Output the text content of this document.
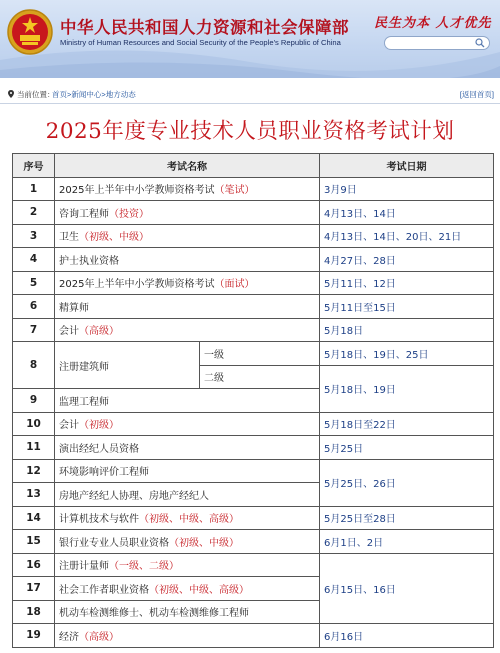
中华人民共和国人力资源和社会保障部
Ministry of Human Resources and Social Security of the People's Republic of China
民生为本 人才优先
当前位置：
首页>新闻中心>地方动态	[返回首页]
2025年度专业技术人员职业资格考试计划
序号	考试名称		考试日期
1	2025年上半年中小学教师资格考试（笔试）		3月9日
2	咨询工程师（投资）		4月13日、14日
3	卫生（初级、中级）		4月13日、14日、20日、21日
4	护士执业资格		4月27日、28日
5	2025年上半年中小学教师资格考试（面试）		5月11日、12日
6	精算师		5月11日至15日
7	会计（高级）		5月18日
8	注册建筑师	一级	5月18日、19日、25日
		二级	5月18日、19日
9	监理工程师		
10	会计（初级）		5月18日至22日
11	演出经纪人员资格		5月25日
12	环境影响评价工程师		5月25日、26日
13	房地产经纪人协理、房地产经纪人		
14	计算机技术与软件（初级、中级、高级）		5月25日至28日
15	银行业专业人员职业资格（初级、中级）		6月1日、2日
16	注册计量师（一级、二级）		6月15日、16日
17	社会工作者职业资格（初级、中级、高级）		
18	机动车检测维修士、机动车检测维修工程师		
19	经济（高级）		6月16日
